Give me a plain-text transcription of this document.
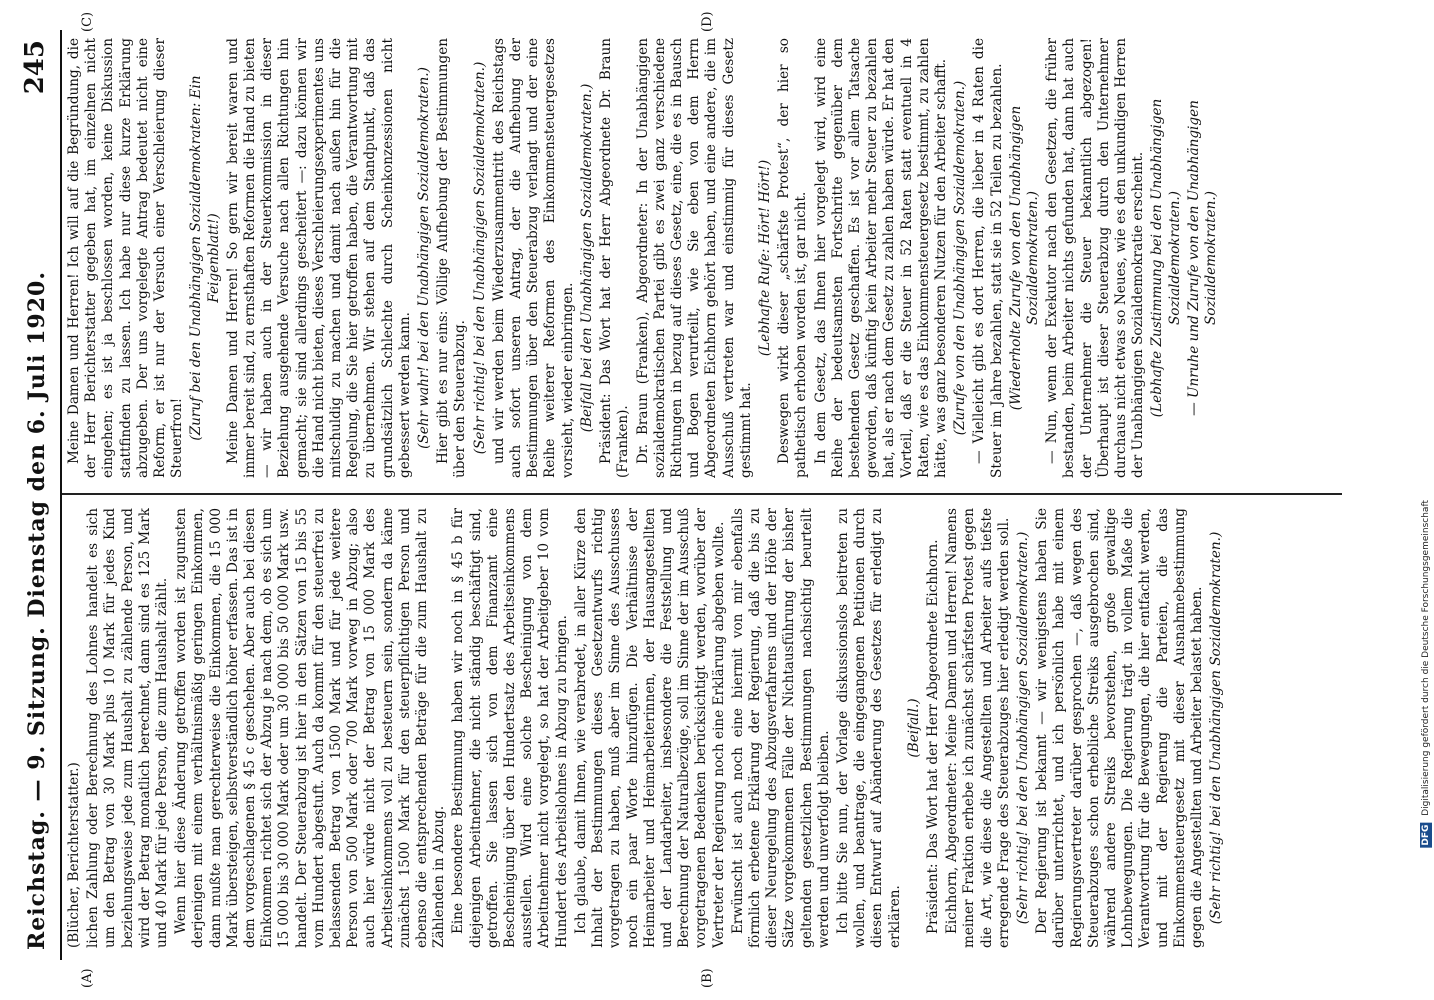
Reichstag. — 9. Sitzung. Dienstag den 6. Juli 1920.
245
(A)	(B)
(C)	(D)

(Blücher, Berichterstatter.) lichen Zahlung oder Berechnung des Lohnes handelt es sich um den Betrag von 30 Mark plus 10 Mark für jedes Kind beziehungsweise jede zum Haushalt zu zählende Person, und wird der Betrag monatlich berechnet, dann sind es 125 Mark und 40 Mark für jede Person, die zum Haushalt zählt. Wenn hier diese Änderung getroffen worden ist zugunsten derjenigen mit einem verhältnismäßig geringen Einkommen, dann mußte man gerechterweise die Einkommen, die 15 000 Mark übersteigen, selbstverständlich höher erfassen. Das ist in dem vorgeschlagenen § 45 c geschehen. Aber auch bei diesen Einkommen richtet sich der Abzug je nach dem, ob es sich um 15 000 bis 30 000 Mark oder um 30 000 bis 50 000 Mark usw. handelt. Der Steuerabzug ist hier in den Sätzen von 15 bis 55 vom Hundert abgestuft. Auch da kommt für den steuerfrei zu belassenden Betrag von 1500 Mark und für jede weitere Person von 500 Mark oder 700 Mark vorweg in Abzug; also auch hier würde nicht der Betrag von 15 000 Mark des Arbeitseinkommens voll zu besteuern sein, sondern da käme zunächst 1500 Mark für den steuerpflichtigen Person und ebenso die entsprechenden Beträge für die zum Haushalt zu Zählenden in Abzug. Eine besondere Bestimmung haben wir noch in § 45 b für diejenigen Arbeitnehmer, die nicht ständig beschäftigt sind, getroffen. Sie lassen sich von dem Finanzamt eine Bescheinigung über den Hundertsatz des Arbeitseinkommens ausstellen. Wird eine solche Bescheinigung von dem Arbeitnehmer nicht vorgelegt, so hat der Arbeitgeber 10 vom Hundert des Arbeitslohnes in Abzug zu bringen. Ich glaube, damit Ihnen, wie verabredet, in aller Kürze den Inhalt der Bestimmungen dieses Gesetzentwurfs richtig vorgetragen zu haben, muß aber im Sinne des Ausschusses noch ein paar Worte hinzufügen. Die Verhältnisse der Heimarbeiter und Heimarbeiterinnen, der Hausangestellten und der Landarbeiter, insbesondere die Feststellung und Berechnung der Naturalbezüge, soll im Sinne der im Ausschuß vorgetragenen Bedenken berücksichtigt werden, worüber der Vertreter der Regierung noch eine Erklärung abgeben wollte. Erwünscht ist auch noch eine hiermit von mir ebenfalls förmlich erbetene Erklärung der Regierung, daß die bis zu dieser Neuregelung des Abzugsverfahrens und der Höhe der Sätze vorgekommenen Fälle der Nichtausführung der bisher geltenden gesetzlichen Bestimmungen nachsichtig beurteilt werden und unverfolgt bleiben. Ich bitte Sie nun, der Vorlage diskussionslos beitreten zu wollen, und beantrage, die eingegangenen Petitionen durch diesen Entwurf auf Abänderung des Gesetzes für erledigt zu erklären.

(Beifall.) Präsident: Das Wort hat der Herr Abgeordnete Eichhorn. Eichhorn, Abgeordneter: Meine Damen und Herren! Namens meiner Fraktion erhebe ich zunächst schärfsten Protest gegen die Art, wie diese die Angestellten und Arbeiter aufs tiefste erregende Frage des Steuerabzuges hier erledigt werden soll. (Sehr richtig! bei den Unabhängigen Sozialdemokraten.) Der Regierung ist bekannt — wir wenigstens haben Sie darüber unterrichtet, und ich persönlich habe mit einem Regierungsvertreter darüber gesprochen —, daß wegen des Steuerabzuges schon erhebliche Streiks ausgebrochen sind, während andere Streiks bevorstehen, große gewaltige Lohnbewegungen. Die Regierung trägt in vollem Maße die Verantwortung für die Bewegungen, die hier entfacht werden, und mit der Regierung die Parteien, die das Einkommensteuergesetz mit dieser Ausnahmebestimmung gegen die Angestellten und Arbeiter belastet haben. (Sehr richtig! bei den Unabhängigen Sozialdemokraten.)

Meine Damen und Herren! Ich will auf die Begründung, die der Herr Berichterstatter gegeben hat, im einzelnen nicht eingehen; es ist ja beschlossen worden, keine Diskussion stattfinden zu lassen. Ich habe nur diese kurze Erklärung abzugeben. Der uns vorgelegte Antrag bedeutet nicht eine Reform, er ist nur der Versuch einer Verschleierung dieser Steuerfron! (Zuruf bei den Unabhängigen Sozialdemokraten: Ein Feigenblatt!) Meine Damen und Herren! So gern wir bereit waren und immer bereit sind, zu ernsthaften Reformen die Hand zu bieten — wir haben auch in der Steuerkommission in dieser Beziehung ausgehende Versuche nach allen Richtungen hin gemacht; sie sind allerdings gescheitert —: dazu können wir die Hand nicht bieten, dieses Verschleierungsexperimentes uns mitschuldig zu machen und damit nach außen hin für die Regelung, die Sie hier getroffen haben, die Verantwortung mit zu übernehmen. Wir stehen auf dem Standpunkt, daß das grundsätzlich Schlechte durch Scheinkonzessionen nicht gebessert werden kann. (Sehr wahr! bei den Unabhängigen Sozialdemokraten.) Hier gibt es nur eins: Völlige Aufhebung der Bestimmungen über den Steuerabzug. (Sehr richtig! bei den Unabhängigen Sozialdemokraten.) und wir werden beim Wiederzusammentritt des Reichstags auch sofort unseren Antrag, der die Aufhebung der Bestimmungen über den Steuerabzug verlangt und der eine Reihe weiterer Reformen des Einkommensteuergesetzes vorsieht, wieder einbringen. (Beifall bei den Unabhängigen Sozialdemokraten.) Präsident: Das Wort hat der Herr Abgeordnete Dr. Braun (Franken). Dr. Braun (Franken), Abgeordneter: In der Unabhängigen sozialdemokratischen Partei gibt es zwei ganz verschiedene Richtungen in bezug auf dieses Gesetz, eine, die es in Bausch und Bogen verurteilt, wie Sie eben von dem Herrn Abgeordneten Eichhorn gehört haben, und eine andere, die im Ausschuß vertreten war und einstimmig für dieses Gesetz gestimmt hat.

(Lebhafte Rufe: Hört! Hört!) Deswegen wirkt dieser „schärfste Protest“, der hier so pathetisch erhoben worden ist, gar nicht. In dem Gesetz, das Ihnen hier vorgelegt wird, wird eine Reihe der bedeutsamsten Fortschritte gegenüber dem bestehenden Gesetz geschaffen. Es ist vor allem Tatsache geworden, daß künftig kein Arbeiter mehr Steuer zu bezahlen hat, als er nach dem Gesetz zu zahlen haben würde. Er hat den Vorteil, daß er die Steuer in 52 Raten statt eventuell in 4 Raten, wie es das Einkommensteuergesetz bestimmt, zu zahlen hätte, was ganz besonderen Nutzen für den Arbeiter schafft. (Zurufe von den Unabhängigen Sozialdemokraten.) — Vielleicht gibt es dort Herren, die lieber in 4 Raten die Steuer im Jahre bezahlen, statt sie in 52 Teilen zu bezahlen. (Wiederholte Zurufe von den Unabhängigen Sozialdemokraten.) — Nun, wenn der Exekutor nach den Gesetzen, die früher bestanden, beim Arbeiter nichts gefunden hat, dann hat auch der Unternehmer die Steuer bekanntlich abgezogen! Überhaupt ist dieser Steuerabzug durch den Unternehmer durchaus nicht etwas so Neues, wie es den unkundigen Herren der Unabhängigen Sozialdemokratie erscheint. (Lebhafte Zustimmung bei den Unabhängigen Sozialdemokraten.) — Unruhe und Zurufe von den Unabhängigen Sozialdemokraten.)

DFG Digitalisierung gefördert durch die Deutsche Forschungsgemeinschaft
